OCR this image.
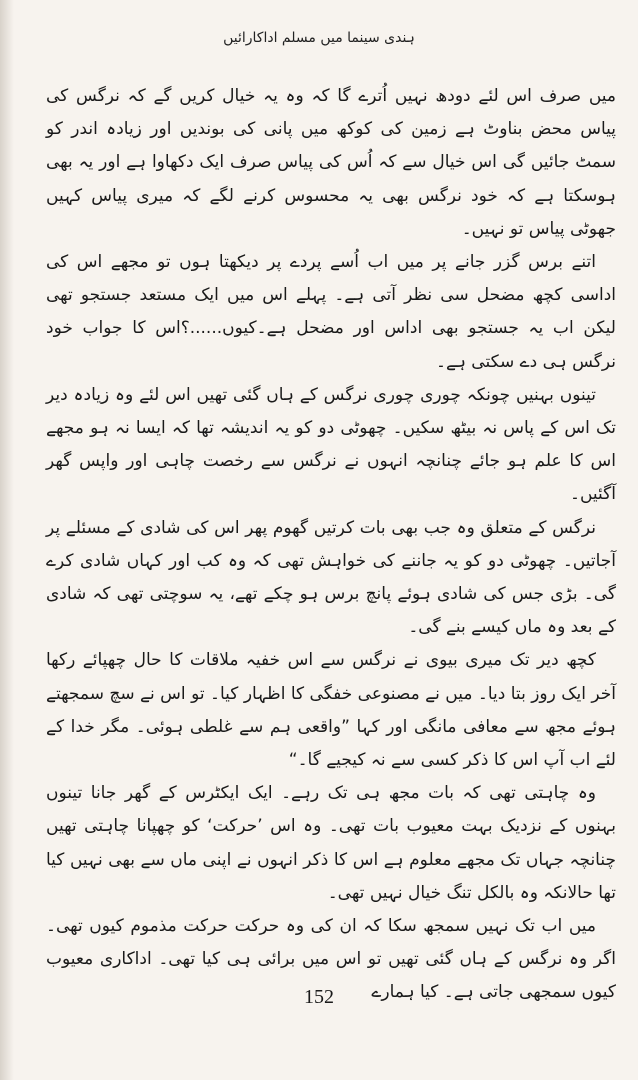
ہندی سینما میں مسلم اداکارائیں

میں صرف اس لئے دودھ نہیں اُترے گا کہ وہ یہ خیال کریں گے کہ نرگس کی پیاس محض بناوٹ ہے زمین کی کوکھ میں پانی کی بوندیں اور زیادہ اندر کو سمٹ جائیں گی اس خیال سے کہ اُس کی پیاس صرف ایک دکھاوا ہے اور یہ بھی ہوسکتا ہے کہ خود نرگس بھی یہ محسوس کرنے لگے کہ میری پیاس کہیں جھوٹی پیاس تو نہیں۔

اتنے برس گزر جانے پر میں اب اُسے پردے پر دیکھتا ہوں تو مجھے اس کی اداسی کچھ مضحل سی نظر آتی ہے۔ پہلے اس میں ایک مستعد جستجو تھی لیکن اب یہ جستجو بھی اداس اور مضحل ہے۔کیوں......؟اس کا جواب خود نرگس ہی دے سکتی ہے۔

تینوں بہنیں چونکہ چوری چوری نرگس کے ہاں گئی تھیں اس لئے وہ زیادہ دیر تک اس کے پاس نہ بیٹھ سکیں۔ چھوٹی دو کو یہ اندیشہ تھا کہ ایسا نہ ہو مجھے اس کا علم ہو جائے چنانچہ انہوں نے نرگس سے رخصت چاہی اور واپس گھر آگئیں۔

نرگس کے متعلق وہ جب بھی بات کرتیں گھوم پھر اس کی شادی کے مسئلے پر آجاتیں۔ چھوٹی دو کو یہ جاننے کی خواہش تھی کہ وہ کب اور کہاں شادی کرے گی۔ بڑی جس کی شادی ہوئے پانچ برس ہو چکے تھے، یہ سوچتی تھی کہ شادی کے بعد وہ ماں کیسے بنے گی۔

کچھ دیر تک میری بیوی نے نرگس سے اس خفیہ ملاقات کا حال چھپائے رکھا آخر ایک روز بتا دیا۔ میں نے مصنوعی خفگی کا اظہار کیا۔ تو اس نے سچ سمجھتے ہوئے مجھ سے معافی مانگی اور کہا ”واقعی ہم سے غلطی ہوئی۔ مگر خدا کے لئے اب آپ اس کا ذکر کسی سے نہ کیجیے گا۔“

وہ چاہتی تھی کہ بات مجھ ہی تک رہے۔ ایک ایکٹرس کے گھر جانا تینوں بہنوں کے نزدیک بہت معیوب بات تھی۔ وہ اس ’حرکت‘ کو چھپانا چاہتی تھیں چنانچہ جہاں تک مجھے معلوم ہے اس کا ذکر انہوں نے اپنی ماں سے بھی نہیں کیا تھا حالانکہ وہ بالکل تنگ خیال نہیں تھی۔

میں اب تک نہیں سمجھ سکا کہ ان کی وہ حرکت حرکت مذموم کیوں تھی۔ اگر وہ نرگس کے ہاں گئی تھیں تو اس میں برائی ہی کیا تھی۔ اداکاری معیوب کیوں سمجھی جاتی ہے۔ کیا ہمارے

152
